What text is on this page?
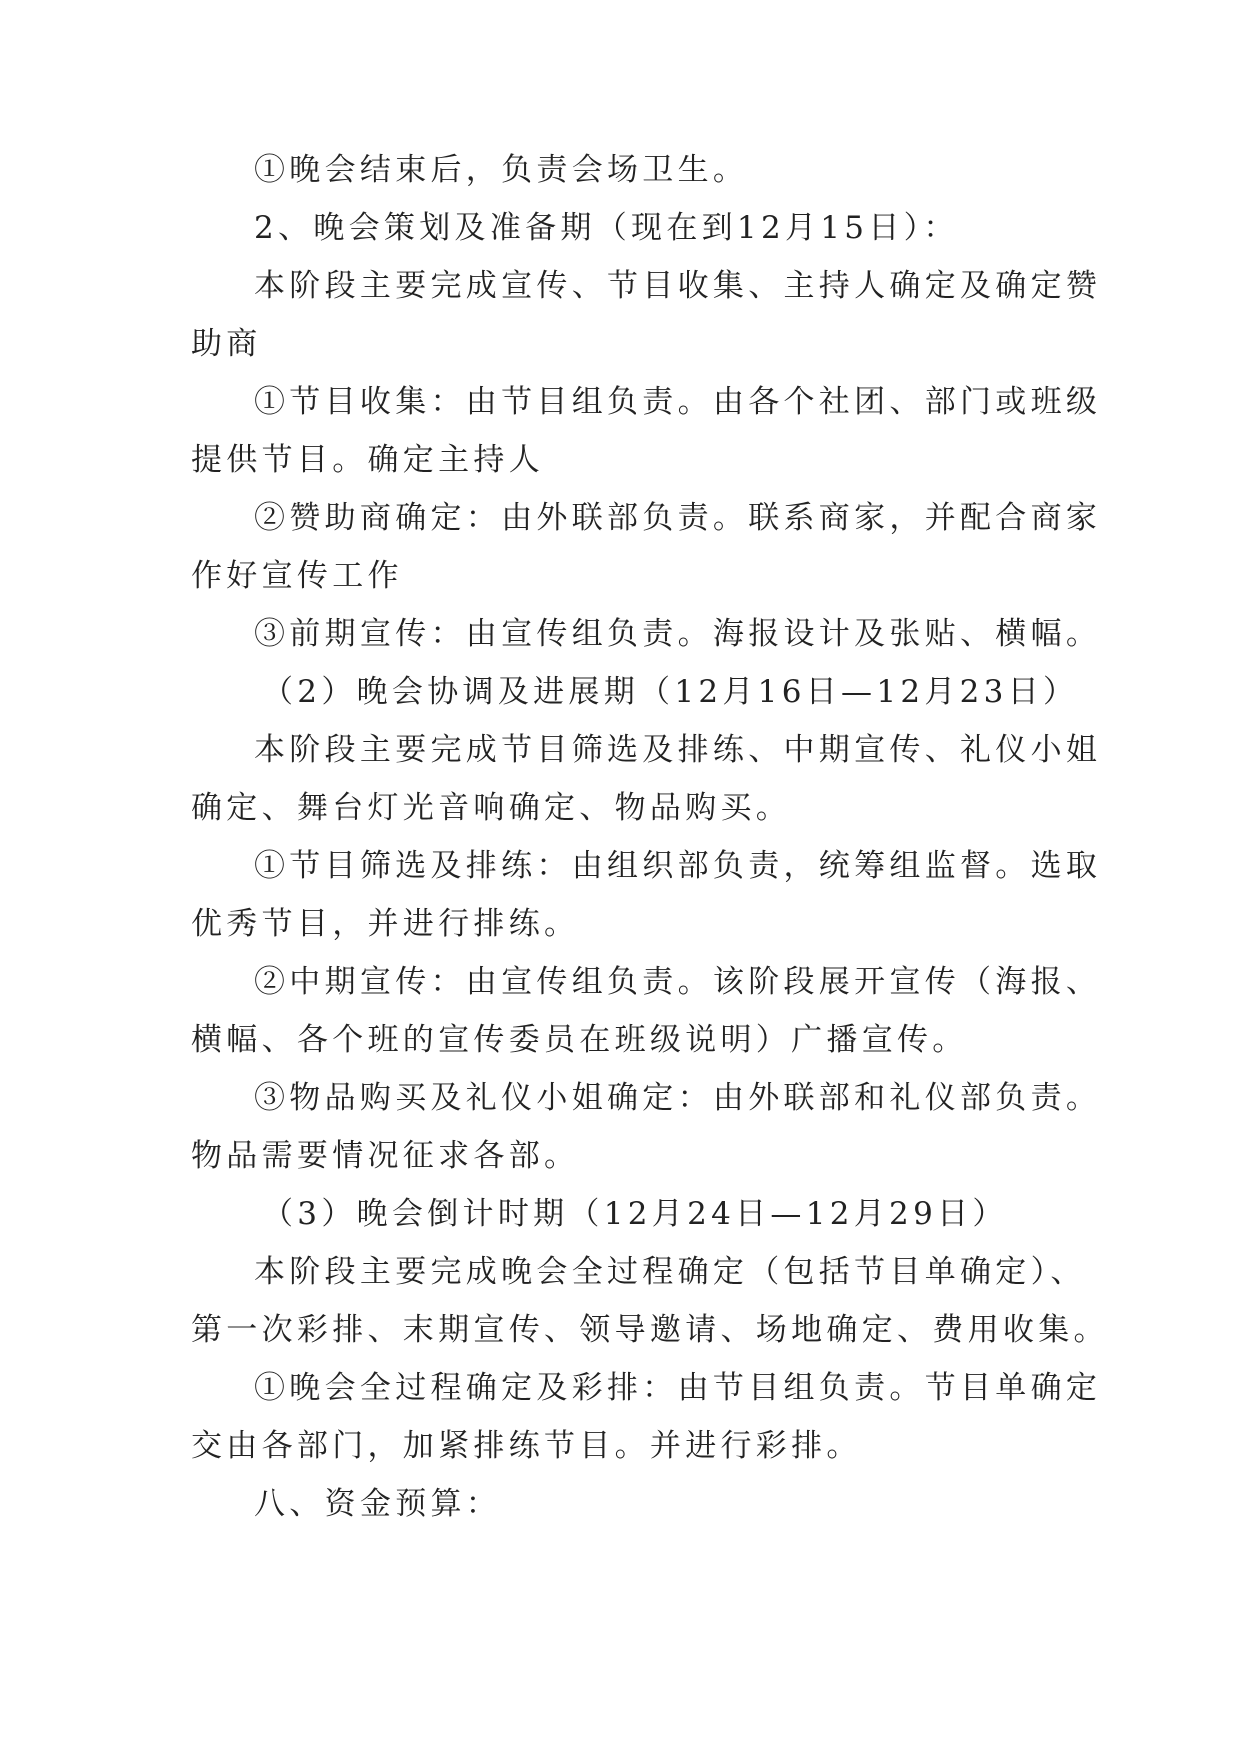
①晚会结束后，负责会场卫生。
2、晚会策划及准备期（现在到12月15日）：
本阶段主要完成宣传、节目收集、主持人确定及确定赞
助商
①节目收集：由节目组负责。由各个社团、部门或班级
提供节目。确定主持人
②赞助商确定：由外联部负责。联系商家，并配合商家
作好宣传工作
③前期宣传：由宣传组负责。海报设计及张贴、横幅。
（2）晚会协调及进展期（12月16日—12月23日）
本阶段主要完成节目筛选及排练、中期宣传、礼仪小姐
确定、舞台灯光音响确定、物品购买。
①节目筛选及排练：由组织部负责，统筹组监督。选取
优秀节目，并进行排练。
②中期宣传：由宣传组负责。该阶段展开宣传（海报、
横幅、各个班的宣传委员在班级说明）广播宣传。
③物品购买及礼仪小姐确定：由外联部和礼仪部负责。
物品需要情况征求各部。
（3）晚会倒计时期（12月24日—12月29日）
本阶段主要完成晚会全过程确定（包括节目单确定）、
第一次彩排、末期宣传、领导邀请、场地确定、费用收集。
①晚会全过程确定及彩排：由节目组负责。节目单确定
交由各部门，加紧排练节目。并进行彩排。
八、资金预算：
